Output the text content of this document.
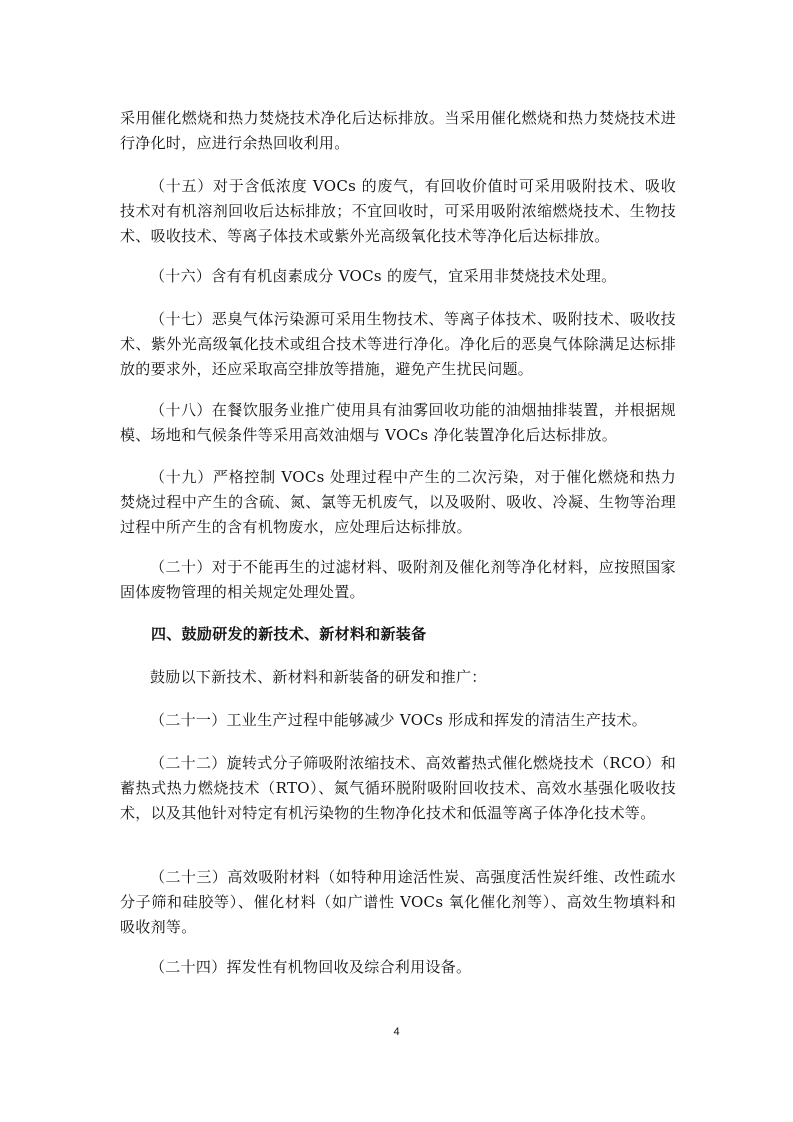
采用催化燃烧和热力焚烧技术净化后达标排放。当采用催化燃烧和热力焚烧技术进行净化时，应进行余热回收利用。

（十五）对于含低浓度 VOCs 的废气，有回收价值时可采用吸附技术、吸收技术对有机溶剂回收后达标排放；不宜回收时，可采用吸附浓缩燃烧技术、生物技术、吸收技术、等离子体技术或紫外光高级氧化技术等净化后达标排放。

（十六）含有有机卤素成分 VOCs 的废气，宜采用非焚烧技术处理。

（十七）恶臭气体污染源可采用生物技术、等离子体技术、吸附技术、吸收技术、紫外光高级氧化技术或组合技术等进行净化。净化后的恶臭气体除满足达标排放的要求外，还应采取高空排放等措施，避免产生扰民问题。

（十八）在餐饮服务业推广使用具有油雾回收功能的油烟抽排装置，并根据规模、场地和气候条件等采用高效油烟与 VOCs 净化装置净化后达标排放。

（十九）严格控制 VOCs 处理过程中产生的二次污染，对于催化燃烧和热力焚烧过程中产生的含硫、氮、氯等无机废气，以及吸附、吸收、冷凝、生物等治理过程中所产生的含有机物废水，应处理后达标排放。

（二十）对于不能再生的过滤材料、吸附剂及催化剂等净化材料，应按照国家固体废物管理的相关规定处理处置。

四、鼓励研发的新技术、新材料和新装备

鼓励以下新技术、新材料和新装备的研发和推广：

（二十一）工业生产过程中能够减少 VOCs 形成和挥发的清洁生产技术。

（二十二）旋转式分子筛吸附浓缩技术、高效蓄热式催化燃烧技术（RCO）和蓄热式热力燃烧技术（RTO）、氮气循环脱附吸附回收技术、高效水基强化吸收技术，以及其他针对特定有机污染物的生物净化技术和低温等离子体净化技术等。

（二十三）高效吸附材料（如特种用途活性炭、高强度活性炭纤维、改性疏水分子筛和硅胶等）、催化材料（如广谱性 VOCs 氧化催化剂等）、高效生物填料和吸收剂等。

（二十四）挥发性有机物回收及综合利用设备。

4
